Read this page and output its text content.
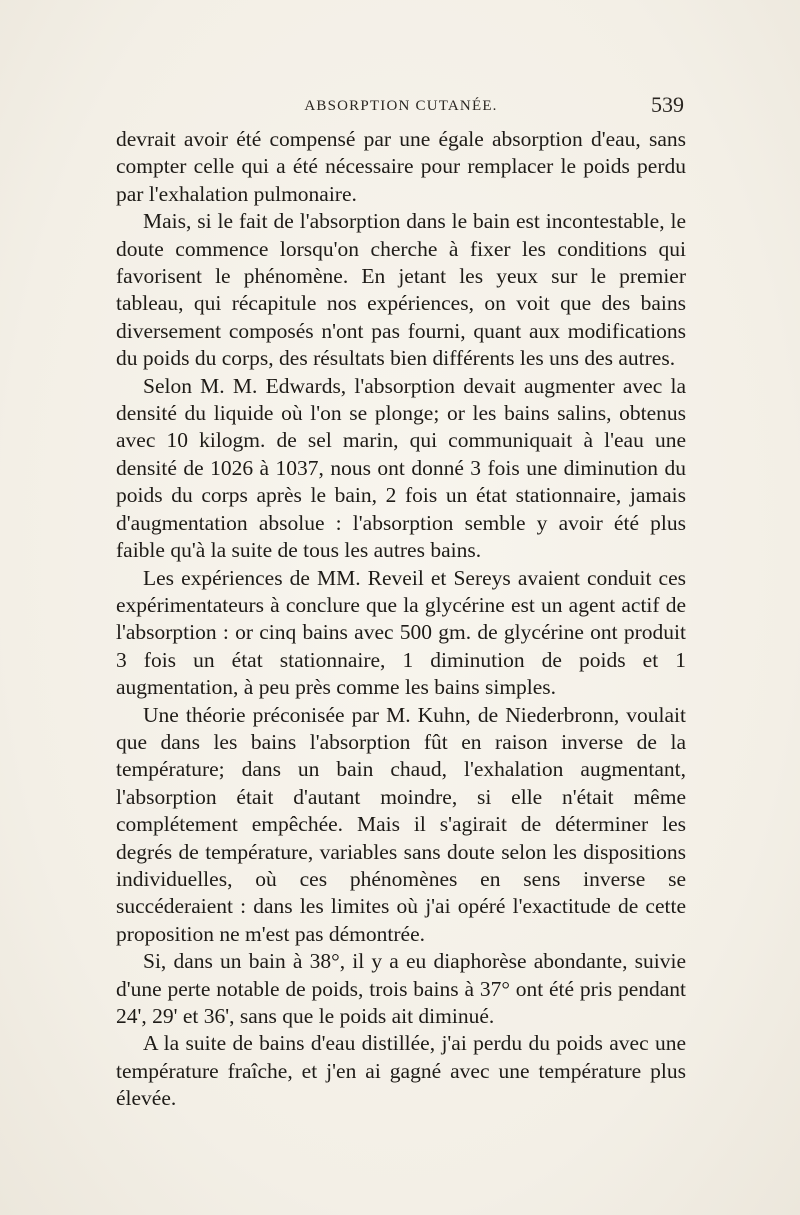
ABSORPTION CUTANÉE.	539

devrait avoir été compensé par une égale absorption d'eau, sans compter celle qui a été nécessaire pour remplacer le poids perdu par l'exhalation pulmonaire.

Mais, si le fait de l'absorption dans le bain est incontestable, le doute commence lorsqu'on cherche à fixer les conditions qui favorisent le phénomène. En jetant les yeux sur le premier tableau, qui récapitule nos expériences, on voit que des bains diversement composés n'ont pas fourni, quant aux modifications du poids du corps, des résultats bien différents les uns des autres.

Selon M. M. Edwards, l'absorption devait augmenter avec la densité du liquide où l'on se plonge; or les bains salins, obtenus avec 10 kilogm. de sel marin, qui communiquait à l'eau une densité de 1026 à 1037, nous ont donné 3 fois une diminution du poids du corps après le bain, 2 fois un état stationnaire, jamais d'augmentation absolue : l'absorption semble y avoir été plus faible qu'à la suite de tous les autres bains.

Les expériences de MM. Reveil et Sereys avaient conduit ces expérimentateurs à conclure que la glycérine est un agent actif de l'absorption : or cinq bains avec 500 gm. de glycérine ont produit 3 fois un état stationnaire, 1 diminution de poids et 1 augmentation, à peu près comme les bains simples.

Une théorie préconisée par M. Kuhn, de Niederbronn, voulait que dans les bains l'absorption fût en raison inverse de la température; dans un bain chaud, l'exhalation augmentant, l'absorption était d'autant moindre, si elle n'était même complétement empêchée. Mais il s'agirait de déterminer les degrés de température, variables sans doute selon les dispositions individuelles, où ces phénomènes en sens inverse se succéderaient : dans les limites où j'ai opéré l'exactitude de cette proposition ne m'est pas démontrée.

Si, dans un bain à 38°, il y a eu diaphorèse abondante, suivie d'une perte notable de poids, trois bains à 37° ont été pris pendant 24', 29' et 36', sans que le poids ait diminué.

A la suite de bains d'eau distillée, j'ai perdu du poids avec une température fraîche, et j'en ai gagné avec une température plus élevée.
